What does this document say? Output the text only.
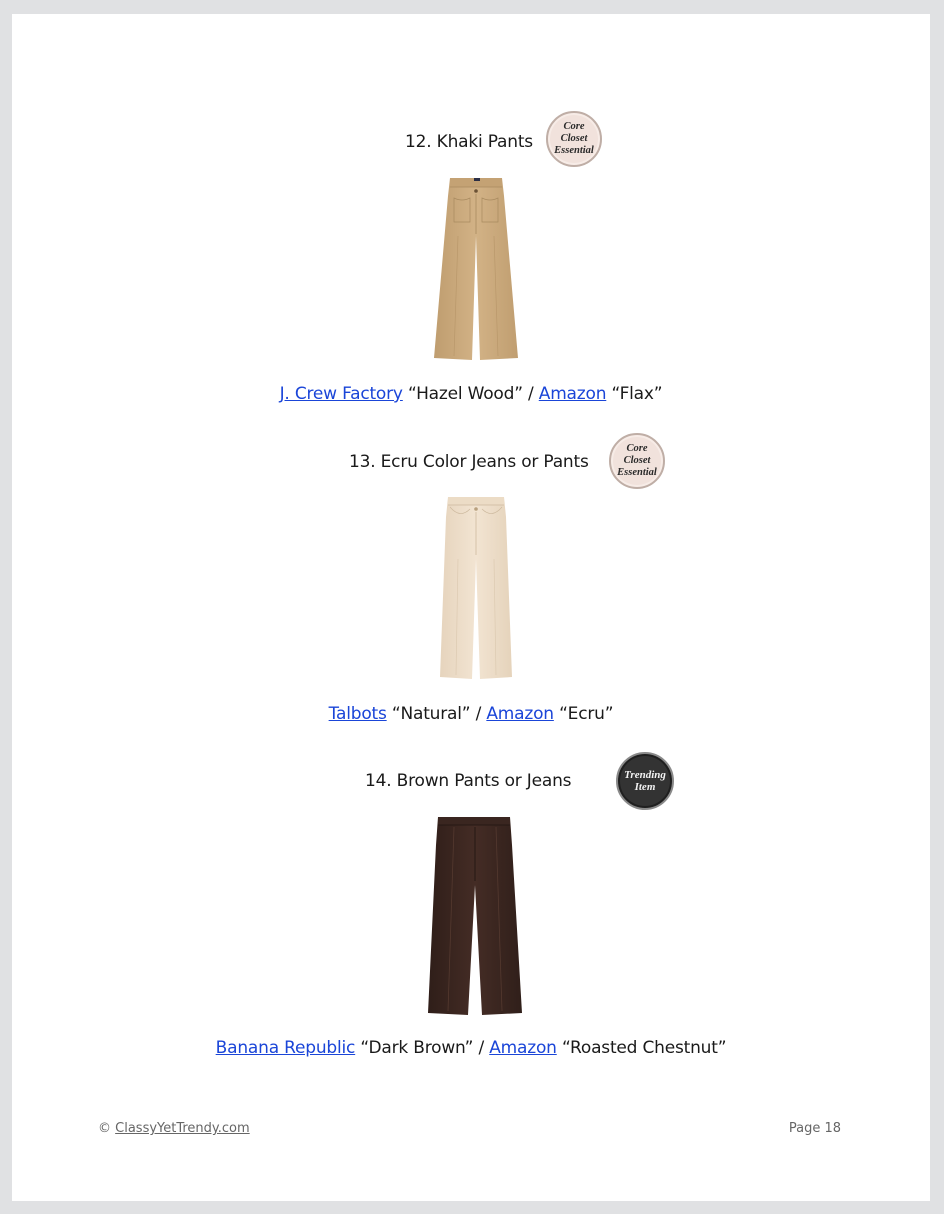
12. Khaki Pants
Core
Closet
Essential
J. Crew Factory “Hazel Wood” / Amazon “Flax”
13. Ecru Color Jeans or Pants
Core
Closet
Essential
Talbots “Natural” / Amazon “Ecru”
14. Brown Pants or Jeans	Trending
Item
Banana Republic “Dark Brown” / Amazon “Roasted Chestnut”
© ClassyYetTrendy.com	Page 18
